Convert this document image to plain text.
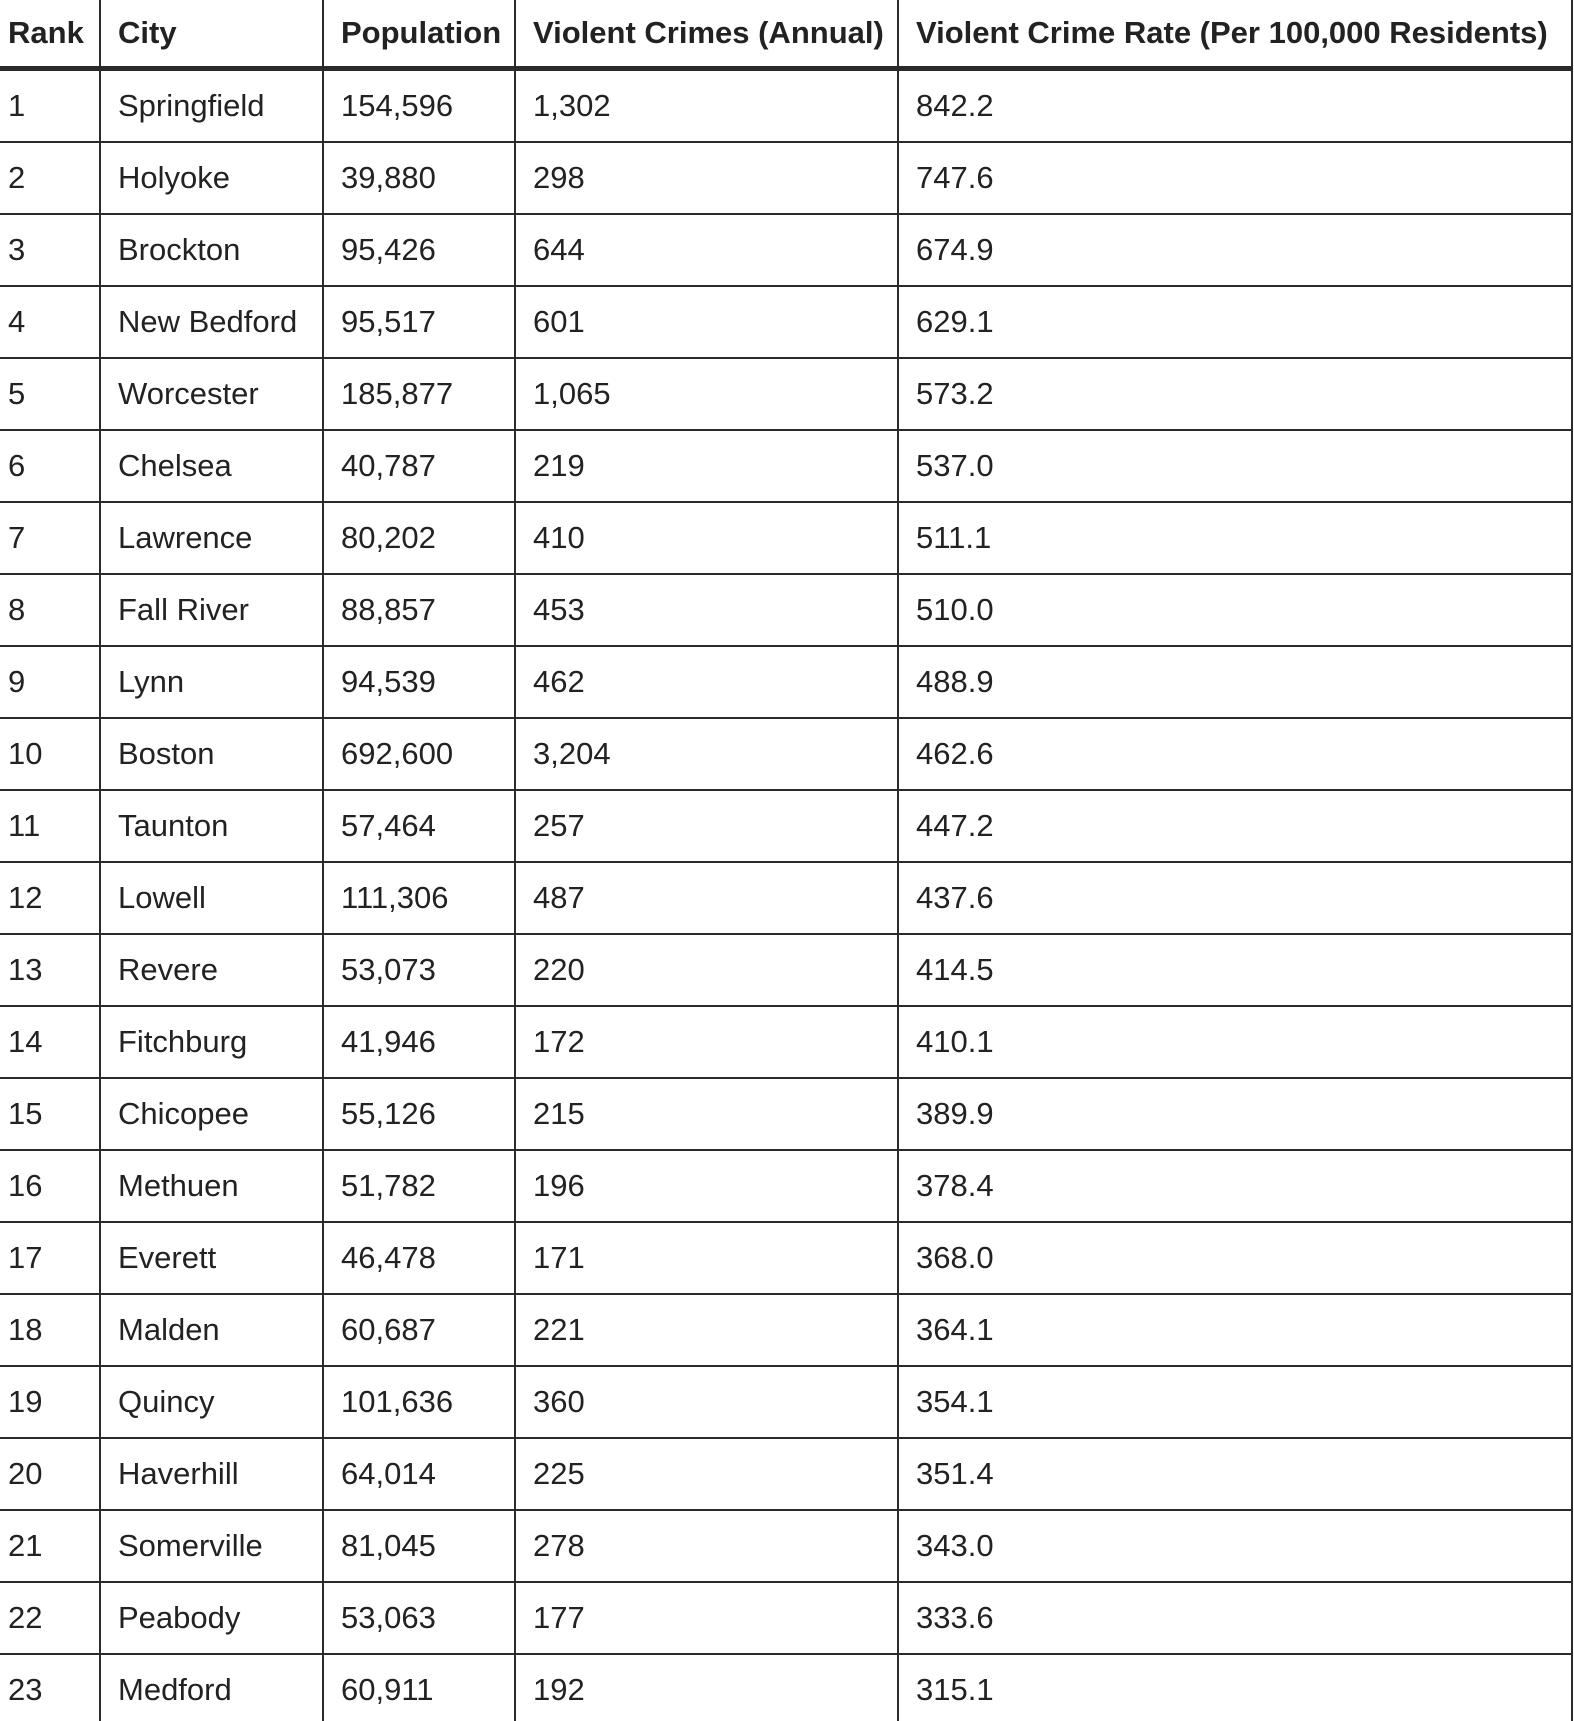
Rank	City	Population	Violent Crimes (Annual)	Violent Crime Rate (Per 100,000 Residents)
1	Springfield	154,596	1,302	842.2
2	Holyoke	39,880	298	747.6
3	Brockton	95,426	644	674.9
4	New Bedford	95,517	601	629.1
5	Worcester	185,877	1,065	573.2
6	Chelsea	40,787	219	537.0
7	Lawrence	80,202	410	511.1
8	Fall River	88,857	453	510.0
9	Lynn	94,539	462	488.9
10	Boston	692,600	3,204	462.6
11	Taunton	57,464	257	447.2
12	Lowell	111,306	487	437.6
13	Revere	53,073	220	414.5
14	Fitchburg	41,946	172	410.1
15	Chicopee	55,126	215	389.9
16	Methuen	51,782	196	378.4
17	Everett	46,478	171	368.0
18	Malden	60,687	221	364.1
19	Quincy	101,636	360	354.1
20	Haverhill	64,014	225	351.4
21	Somerville	81,045	278	343.0
22	Peabody	53,063	177	333.6
23	Medford	60,911	192	315.1
